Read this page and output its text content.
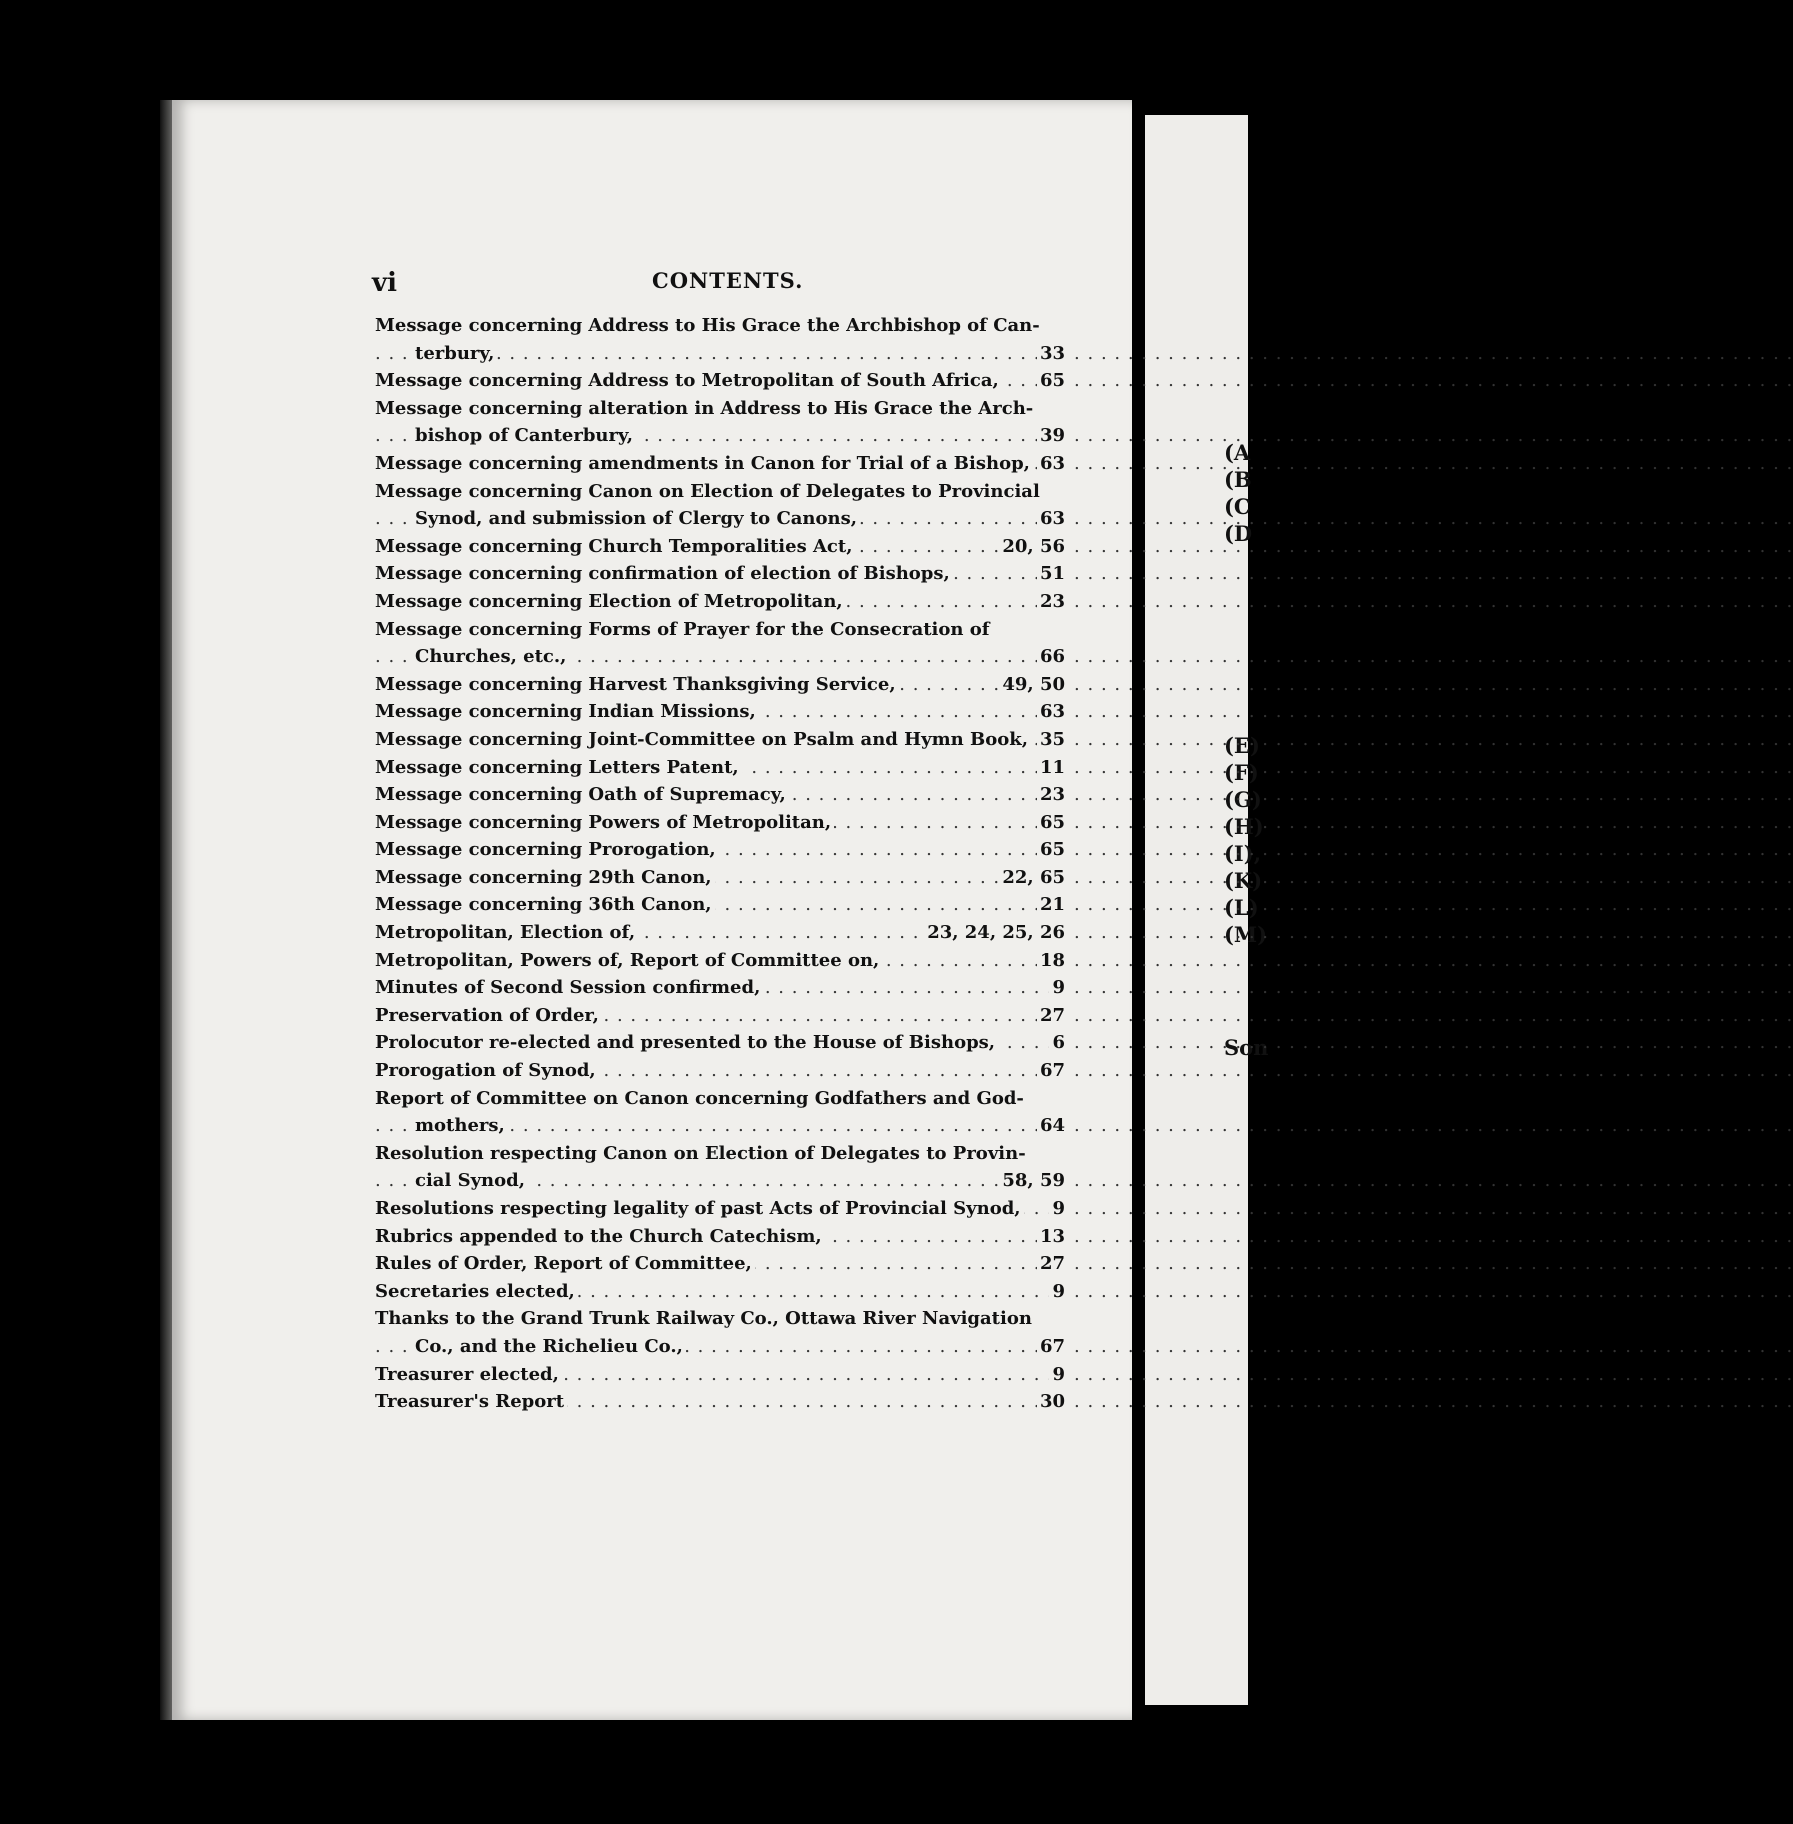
vi	CONTENTS.
Message concerning Address to His Grace the Archbishop of Can-
terbury, . . .	33
Message concerning Address to Metropolitan of South Africa, . . . 65
Message concerning alteration in Address to His Grace the Arch-
bishop of Canterbury, . . .	39
Message concerning amendments in Canon for Trial of a Bishop, . . . 63
Message concerning Canon on Election of Delegates to Provincial
Synod, and submission of Clergy to Canons, . . .	63
Message concerning Church Temporalities Act, . . .	20, 56
Message concerning confirmation of election of Bishops, . . .	51
Message concerning Election of Metropolitan, . . .	23
Message concerning Forms of Prayer for the Consecration of
Churches, etc., . . .	66
Message concerning Harvest Thanksgiving Service, . . .	49, 50
Message concerning Indian Missions, . . .	63
Message concerning Joint-Committee on Psalm and Hymn Book, . . . 35
Message concerning Letters Patent, . . .	11
Message concerning Oath of Supremacy, . . .	23
Message concerning Powers of Metropolitan, . . .	65
Message concerning Prorogation, . . .	65
Message concerning 29th Canon, . . .	22, 65
Message concerning 36th Canon, . . .	21
Metropolitan, Election of, . . .	23, 24, 25, 26
Metropolitan, Powers of, Report of Committee on, . . .	18
Minutes of Second Session confirmed, . . .	9
Preservation of Order, . . .	27
Prolocutor re-elected and presented to the House of Bishops, . . .	6
Prorogation of Synod, . . .	67
Report of Committee on Canon concerning Godfathers and God-
mothers, . . .	64
Resolution respecting Canon on Election of Delegates to Provin-
cial Synod, . . .	58, 59
Resolutions respecting legality of past Acts of Provincial Synod, . . . 9
Rubrics appended to the Church Catechism, . . .	13
Rules of Order, Report of Committee, . . .	27
Secretaries elected, . . .	9
Thanks to the Grand Trunk Railway Co., Ottawa River Navigation
Co., and the Richelieu Co., . . .	67
Treasurer elected, . . .	9
Treasurer's Report . . .	30
(A
(B
(C
(D
(E)
(F)
(G)
(H)
(I),
(K)
(L)
(M)
Son
